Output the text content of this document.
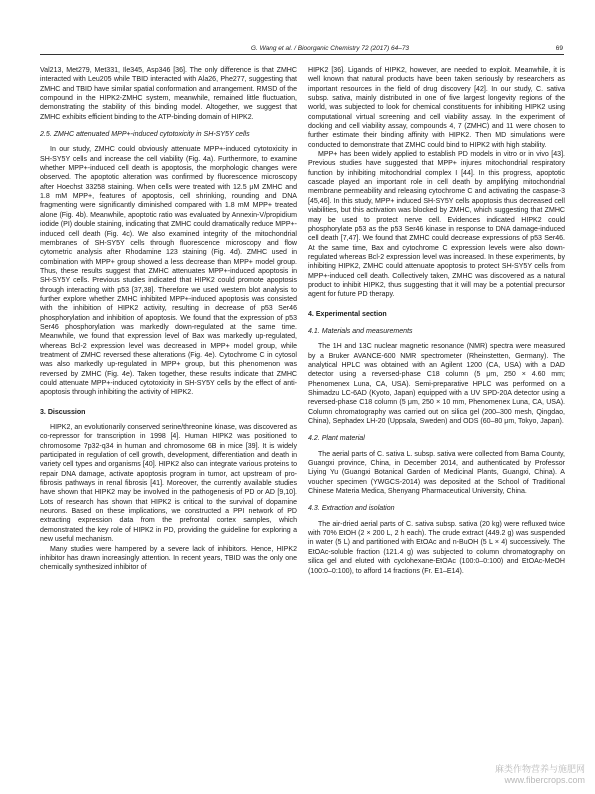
G. Wang et al. / Bioorganic Chemistry 72 (2017) 64–73	69

Val213, Met279, Met331, Ile345, Asp346 [36]. The only difference is that ZMHC interacted with Leu205 while TBID interacted with Ala26, Phe277, suggesting that ZMHC and TBID have similar spatial conformation and arrangement. RMSD of the compound in the HIPK2-ZMHC system, meanwhile, remained little fluctuation, demonstrating the stability of this binding model. Altogether, we suggest that ZMHC exhibits efficient binding to the ATP-binding domain of HIPK2.

2.5. ZMHC attenuated MPP+-induced cytotoxicity in SH-SY5Y cells

In our study, ZMHC could obviously attenuate MPP+-induced cytotoxicity in SH-SY5Y cells and increase the cell viability (Fig. 4a). Furthermore, to examine whether MPP+-induced cell death is apoptosis, the morphologic changes were observed. The apoptotic alteration was confirmed by fluorescence microscopy after Hoechst 33258 staining. When cells were treated with 12.5 μM ZMHC and 1.8 mM MPP+, features of apoptosis, cell shrinking, rounding and DNA fragmenting were significantly diminished compared with 1.8 mM MPP+ treated alone (Fig. 4b). Meanwhile, apoptotic ratio was evaluated by Annexin-V/propidium iodide (PI) double staining, indicating that ZMHC could dramatically reduce MPP+-induced cell death (Fig. 4c). We also examined integrity of the mitochondrial membranes of SH-SY5Y cells through fluorescence microscopy and flow cytometric analysis after Rhodamine 123 staining (Fig. 4d). ZMHC used in combination with MPP+ group showed a less decrease than MPP+ model group. Thus, these results suggest that ZMHC attenuates MPP+-induced apoptosis in SH-SY5Y cells. Previous studies indicated that HIPK2 could promote apoptosis through interacting with p53 [37,38]. Therefore we used western blot analysis to further explore whether ZMHC inhibited MPP+-induced apoptosis was consisted with the inhibition of HIPK2 activity, resulting in decrease of p53 Ser46 phosphorylation and inhibition of apoptosis. We found that the expression of p53 Ser46 phosphorylation was markedly down-regulated at the same time. Meanwhile, we found that expression level of Bax was markedly up-regulated, whereas Bcl-2 expression level was decreased in MPP+ model group, while treatment of ZMHC reversed these alterations (Fig. 4e). Cytochrome C in cytosol was also markedly up-regulated in MPP+ group, but this phenomenon was reversed by ZMHC (Fig. 4e). Taken together, these results indicate that ZMHC could attenuate MPP+-induced cytotoxicity in SH-SY5Y cells by the effect of anti-apoptosis through inhibiting the activity of HIPK2.

3. Discussion

HIPK2, an evolutionarily conserved serine/threonine kinase, was discovered as co-repressor for transcription in 1998 [4]. Human HIPK2 was positioned to chromosome 7p32-q34 in human and chromosome 6B in mice [39]. It is widely participated in regulation of cell growth, development, differentiation and death in variety cell types and organisms [40]. HIPK2 also can integrate various proteins to repair DNA damage, activate apoptosis program in tumor, act upstream of pro-fibrosis pathways in renal fibrosis [41]. Moreover, the currently available studies have shown that HIPK2 may be involved in the pathogenesis of PD or AD [9,10]. Lots of research has shown that HIPK2 is critical to the survival of dopamine neurons. Based on these implications, we constructed a PPI network of PD extracting expression data from the prefrontal cortex samples, which demonstrated the key role of HIPK2 in PD, providing the guideline for exploring a new useful mechanism.

Many studies were hampered by a severe lack of inhibitors. Hence, HIPK2 inhibitor has drawn increasingly attention. In recent years, TBID was the only one chemically synthesized inhibitor of

HIPK2 [36]. Ligands of HIPK2, however, are needed to exploit. Meanwhile, it is well known that natural products have been taken seriously by researchers as important resources in the field of drug discovery [42]. In our study, C. sativa subsp. sativa, mainly distributed in one of five largest longevity regions of the world, was subjected to look for chemical constituents for inhibiting HIPK2 using computational virtual screening and cell viability assay. In the experiment of docking and cell viability assay, compounds 4, 7 (ZMHC) and 11 were chosen to further estimate their binding affinity with HIPK2. Then MD simulations were conducted to demonstrate that ZMHC could bind to HIPK2 with high stability.

MPP+ has been widely applied to establish PD models in vitro or in vivo [43]. Previous studies have suggested that MPP+ injures mitochondrial respiratory function by inhibiting mitochondrial complex I [44]. In this progress, apoptotic cascade played an important role in cell death by amplifying mitochondrial membrane permeability and releasing cytochrome C and activating the caspase-3 [45,46]. In this study, MPP+ induced SH-SY5Y cells apoptosis thus decreased cell viabilities, but this activation was blocked by ZMHC, which suggesting that ZMHC may be used to protect nerve cell. Evidences indicated HIPK2 could phosphorylate p53 as the p53 Ser46 kinase in response to DNA damage-induced cell death [7,47]. We found that ZMHC could decrease expressions of p53 Ser46. At the same time, Bax and cytochrome C expression levels were also down-regulated whereas Bcl-2 expression level was increased. In these experiments, by inhibiting HIPK2, ZMHC could attenuate apoptosis to protect SH-SY5Y cells from MPP+-induced cell death. Collectively taken, ZMHC was discovered as a natural product to inhibit HIPK2, thus suggesting that it will may be a potential precursor agent for future PD therapy.

4. Experimental section
4.1. Materials and measurements

The 1H and 13C nuclear magnetic resonance (NMR) spectra were measured by a Bruker AVANCE-600 NMR spectrometer (Rheinstetten, Germany). The analytical HPLC was obtained with an Agilent 1200 (CA, USA) with a DAD detector using a reversed-phase C18 column (5 μm, 250 × 4.60 mm; Phenomenex Luna, CA, USA). Semi-preparative HPLC was performed on a Shimadzu LC-6AD (Kyoto, Japan) equipped with a UV SPD-20A detector using a reversed-phase C18 column (5 μm, 250 × 10 mm, Phenomenex Luna, CA, USA). Column chromatography was carried out on silica gel (200–300 mesh, Qingdao, China), Sephadex LH-20 (Uppsala, Sweden) and ODS (60–80 μm, Tokyo, Japan).

4.2. Plant material

The aerial parts of C. sativa L. subsp. sativa were collected from Bama County, Guangxi province, China, in December 2014, and authenticated by Professor Liying Yu (Guangxi Botanical Garden of Medicinal Plants, Guangxi, China). A voucher specimen (YWGCS-2014) was deposited at the School of Traditional Chinese Materia Medica, Shenyang Pharmaceutical University, China.

4.3. Extraction and isolation

The air-dried aerial parts of C. sativa subsp. sativa (20 kg) were refluxed twice with 70% EtOH (2 × 200 L, 2 h each). The crude extract (449.2 g) was suspended in water (5 L) and partitioned with EtOAc and n-BuOH (5 L × 4) successively. The EtOAc-soluble fraction (121.4 g) was subjected to column chromatography on silica gel and eluted with cyclohexane-EtOAc (100:0–0:100) and EtOAc-MeOH (100:0–0:100), to afford 14 fractions (Fr. E1–E14).

麻类作物营养与施肥网
www.fibercrops.com
